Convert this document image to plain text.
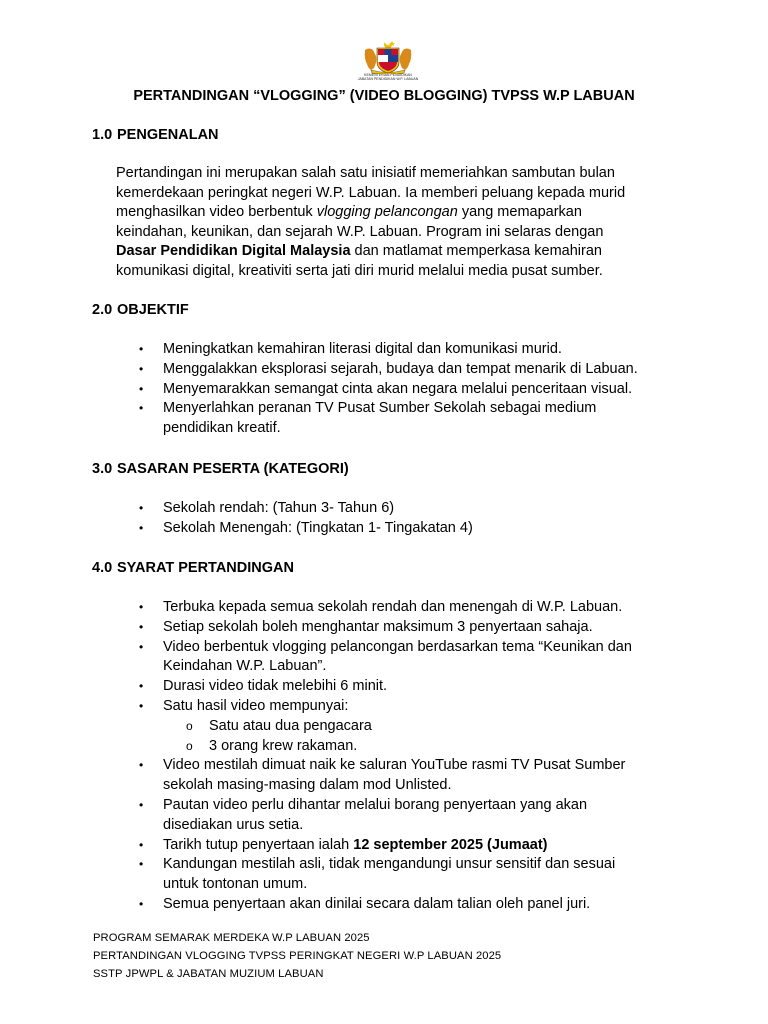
KEMENTERIAN PENDIDIKAN
JABATAN PENDIDIKAN W.P. LABUAN
PERTANDINGAN “VLOGGING” (VIDEO BLOGGING) TVPSS W.P LABUAN
1.0 PENGENALAN
Pertandingan ini merupakan salah satu inisiatif memeriahkan sambutan bulan
kemerdekaan peringkat negeri W.P. Labuan. Ia memberi peluang kepada murid
menghasilkan video berbentuk vlogging pelancongan yang memaparkan
keindahan, keunikan, dan sejarah W.P. Labuan. Program ini selaras dengan
Dasar Pendidikan Digital Malaysia dan matlamat memperkasa kemahiran
komunikasi digital, kreativiti serta jati diri murid melalui media pusat sumber.
2.0 OBJEKTIF
• Meningkatkan kemahiran literasi digital dan komunikasi murid.
• Menggalakkan eksplorasi sejarah, budaya dan tempat menarik di Labuan.
• Menyemarakkan semangat cinta akan negara melalui penceritaan visual.
• Menyerlahkan peranan TV Pusat Sumber Sekolah sebagai medium
pendidikan kreatif.
3.0 SASARAN PESERTA (KATEGORI)
• Sekolah rendah: (Tahun 3- Tahun 6)
• Sekolah Menengah: (Tingkatan 1- Tingakatan 4)
4.0 SYARAT PERTANDINGAN
• Terbuka kepada semua sekolah rendah dan menengah di W.P. Labuan.
• Setiap sekolah boleh menghantar maksimum 3 penyertaan sahaja.
• Video berbentuk vlogging pelancongan berdasarkan tema “Keunikan dan
Keindahan W.P. Labuan”.
• Durasi video tidak melebihi 6 minit.
• Satu hasil video mempunyai:
o Satu atau dua pengacara
o 3 orang krew rakaman.
• Video mestilah dimuat naik ke saluran YouTube rasmi TV Pusat Sumber
sekolah masing-masing dalam mod Unlisted.
• Pautan video perlu dihantar melalui borang penyertaan yang akan
disediakan urus setia.
• Tarikh tutup penyertaan ialah 12 september 2025 (Jumaat)
• Kandungan mestilah asli, tidak mengandungi unsur sensitif dan sesuai
untuk tontonan umum.
• Semua penyertaan akan dinilai secara dalam talian oleh panel juri.
PROGRAM SEMARAK MERDEKA W.P LABUAN 2025
PERTANDINGAN VLOGGING TVPSS PERINGKAT NEGERI W.P LABUAN 2025
SSTP JPWPL & JABATAN MUZIUM LABUAN
